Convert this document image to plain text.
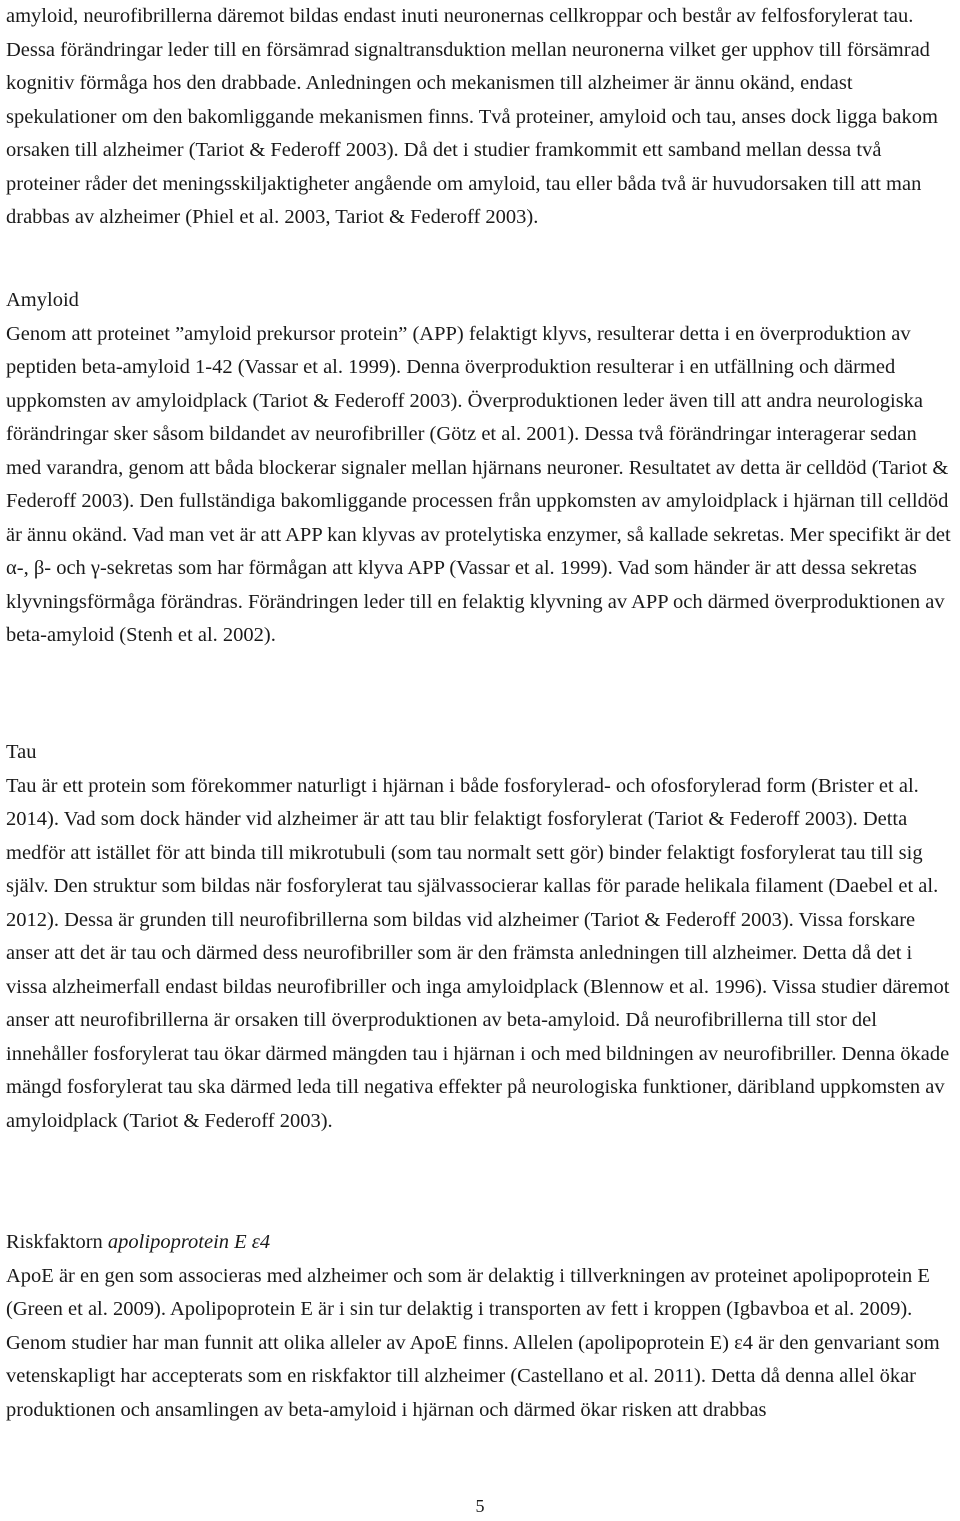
amyloid, neurofibrillerna däremot bildas endast inuti neuronernas cellkroppar och består av felfosforylerat tau. Dessa förändringar leder till en försämrad signaltransduktion mellan neuronerna vilket ger upphov till försämrad kognitiv förmåga hos den drabbade. Anledningen och mekanismen till alzheimer är ännu okänd, endast spekulationer om den bakomliggande mekanismen finns. Två proteiner, amyloid och tau, anses dock ligga bakom orsaken till alzheimer (Tariot & Federoff 2003). Då det i studier framkommit ett samband mellan dessa två proteiner råder det meningsskiljaktigheter angående om amyloid, tau eller båda två är huvudorsaken till att man drabbas av alzheimer (Phiel et al. 2003, Tariot & Federoff 2003).

Amyloid

Genom att proteinet ”amyloid prekursor protein” (APP) felaktigt klyvs, resulterar detta i en överproduktion av peptiden beta-amyloid 1-42 (Vassar et al. 1999). Denna överproduktion resulterar i en utfällning och därmed uppkomsten av amyloidplack (Tariot & Federoff 2003). Överproduktionen leder även till att andra neurologiska förändringar sker såsom bildandet av neurofibriller (Götz et al. 2001). Dessa två förändringar interagerar sedan med varandra, genom att båda blockerar signaler mellan hjärnans neuroner. Resultatet av detta är celldöd (Tariot & Federoff 2003). Den fullständiga bakomliggande processen från uppkomsten av amyloidplack i hjärnan till celldöd är ännu okänd. Vad man vet är att APP kan klyvas av protelytiska enzymer, så kallade sekretas. Mer specifikt är det α-, β- och γ-sekretas som har förmågan att klyva APP (Vassar et al. 1999). Vad som händer är att dessa sekretas klyvningsförmåga förändras. Förändringen leder till en felaktig klyvning av APP och därmed överproduktionen av beta-amyloid (Stenh et al. 2002).

Tau

Tau är ett protein som förekommer naturligt i hjärnan i både fosforylerad- och ofosforylerad form (Brister et al. 2014). Vad som dock händer vid alzheimer är att tau blir felaktigt fosforylerat (Tariot & Federoff 2003). Detta medför att istället för att binda till mikrotubuli (som tau normalt sett gör) binder felaktigt fosforylerat tau till sig själv. Den struktur som bildas när fosforylerat tau självassocierar kallas för parade helikala filament (Daebel et al. 2012). Dessa är grunden till neurofibrillerna som bildas vid alzheimer (Tariot & Federoff 2003). Vissa forskare anser att det är tau och därmed dess neurofibriller som är den främsta anledningen till alzheimer. Detta då det i vissa alzheimerfall endast bildas neurofibriller och inga amyloidplack (Blennow et al. 1996). Vissa studier däremot anser att neurofibrillerna är orsaken till överproduktionen av beta-amyloid. Då neurofibrillerna till stor del innehåller fosforylerat tau ökar därmed mängden tau i hjärnan i och med bildningen av neurofibriller. Denna ökade mängd fosforylerat tau ska därmed leda till negativa effekter på neurologiska funktioner, däribland uppkomsten av amyloidplack (Tariot & Federoff 2003).

Riskfaktorn apolipoprotein E ε4

ApoE är en gen som associeras med alzheimer och som är delaktig i tillverkningen av proteinet apolipoprotein E (Green et al. 2009). Apolipoprotein E är i sin tur delaktig i transporten av fett i kroppen (Igbavboa et al. 2009). Genom studier har man funnit att olika alleler av ApoE finns. Allelen (apolipoprotein E) ε4 är den genvariant som vetenskapligt har accepterats som en riskfaktor till alzheimer (Castellano et al. 2011). Detta då denna allel ökar produktionen och ansamlingen av beta-amyloid i hjärnan och därmed ökar risken att drabbas

5
